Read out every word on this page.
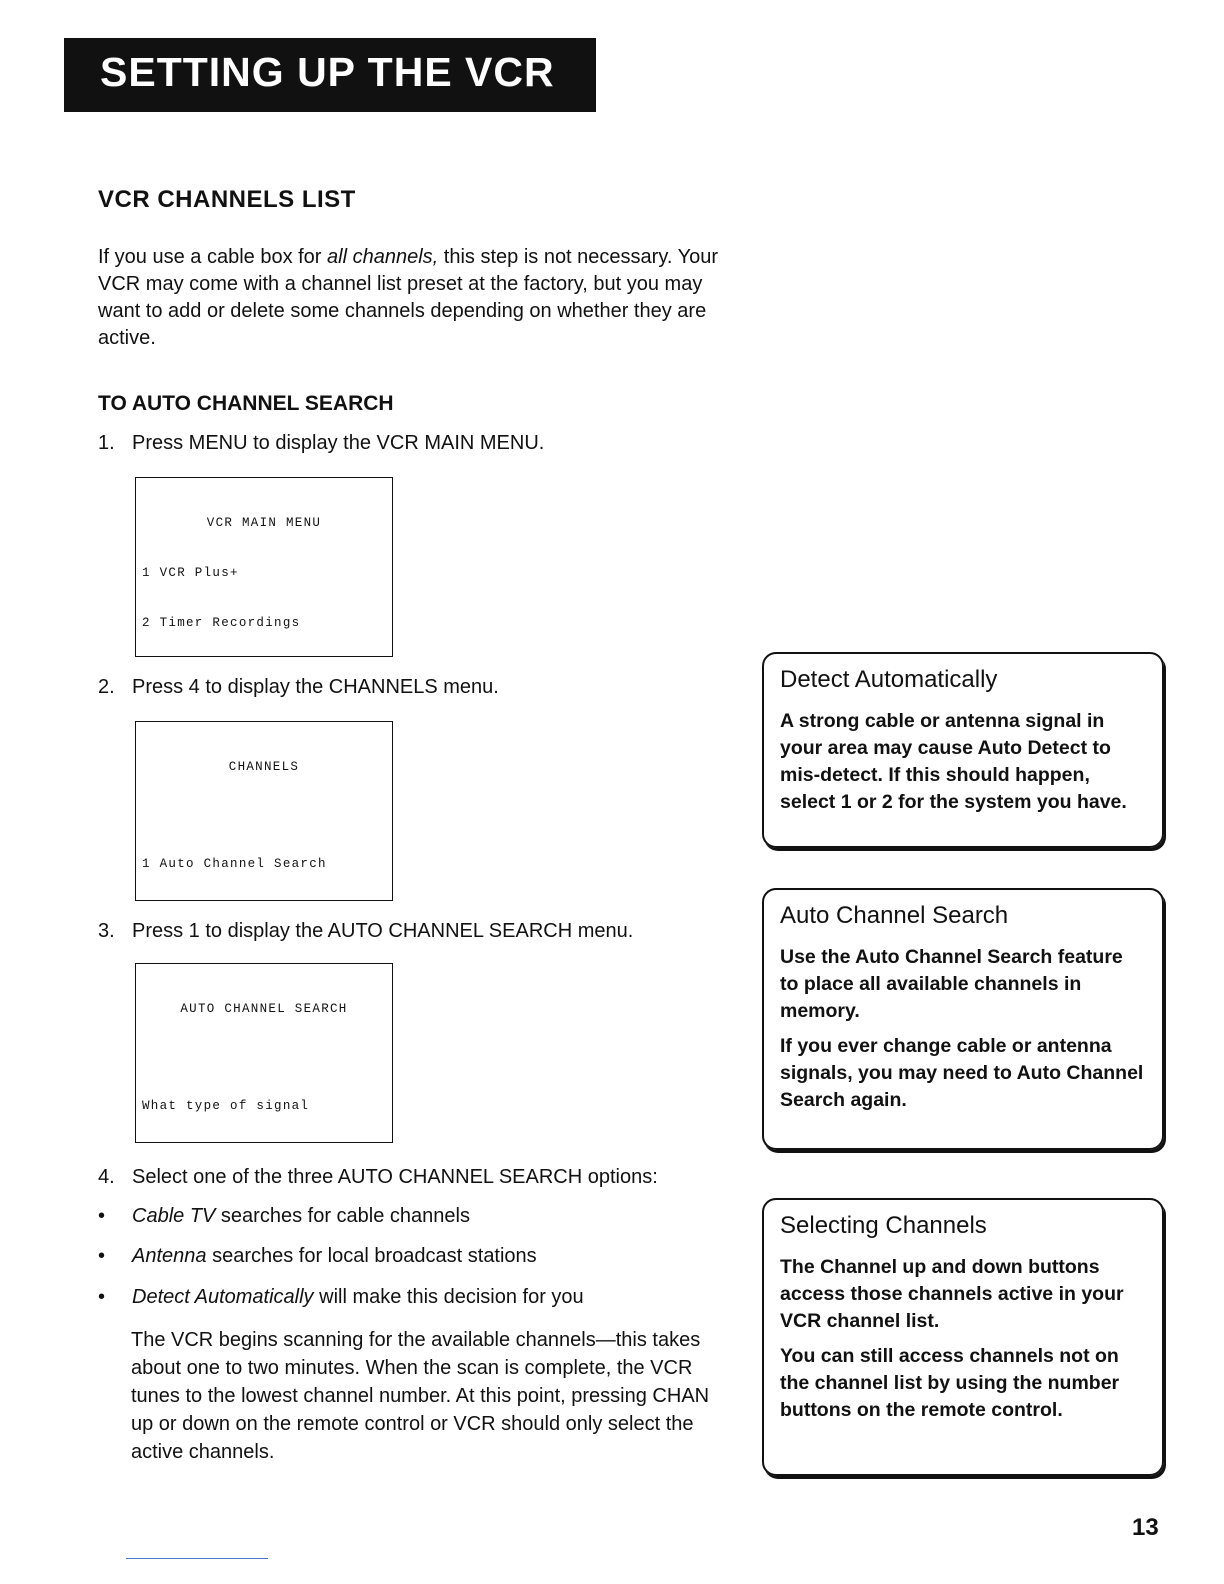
SETTING UP THE VCR
VCR CHANNELS LIST

If you use a cable box for all channels, this step is not necessary. Your VCR may come with a channel list preset at the factory, but you may want to add or delete some channels depending on whether they are active.

TO AUTO CHANNEL SEARCH
1. Press MENU to display the VCR MAIN MENU.

VCR MAIN MENU

1 VCR Plus+

2 Timer Recordings

2. Press 4 to display the CHANNELS menu.

CHANNELS

1 Auto Channel Search

3. Press 1 to display the AUTO CHANNEL SEARCH menu.

AUTO CHANNEL SEARCH

What type of signal

4. Select one of the three AUTO CHANNEL SEARCH options:
• Cable TV searches for cable channels
• Antenna searches for local broadcast stations
• Detect Automatically will make this decision for you

The VCR begins scanning for the available channels—this takes about one to two minutes. When the scan is complete, the VCR tunes to the lowest channel number. At this point, pressing CHAN up or down on the remote control or VCR should only select the active channels.

Detect Automatically

A strong cable or antenna signal in your area may cause Auto Detect to mis-detect. If this should happen, select 1 or 2 for the system you have.

Auto Channel Search

Use the Auto Channel Search feature to place all available channels in memory.

If you ever change cable or antenna signals, you may need to Auto Channel Search again.

Selecting Channels

The Channel up and down buttons access those channels active in your VCR channel list.

You can still access channels not on the channel list by using the number buttons on the remote control.

13
